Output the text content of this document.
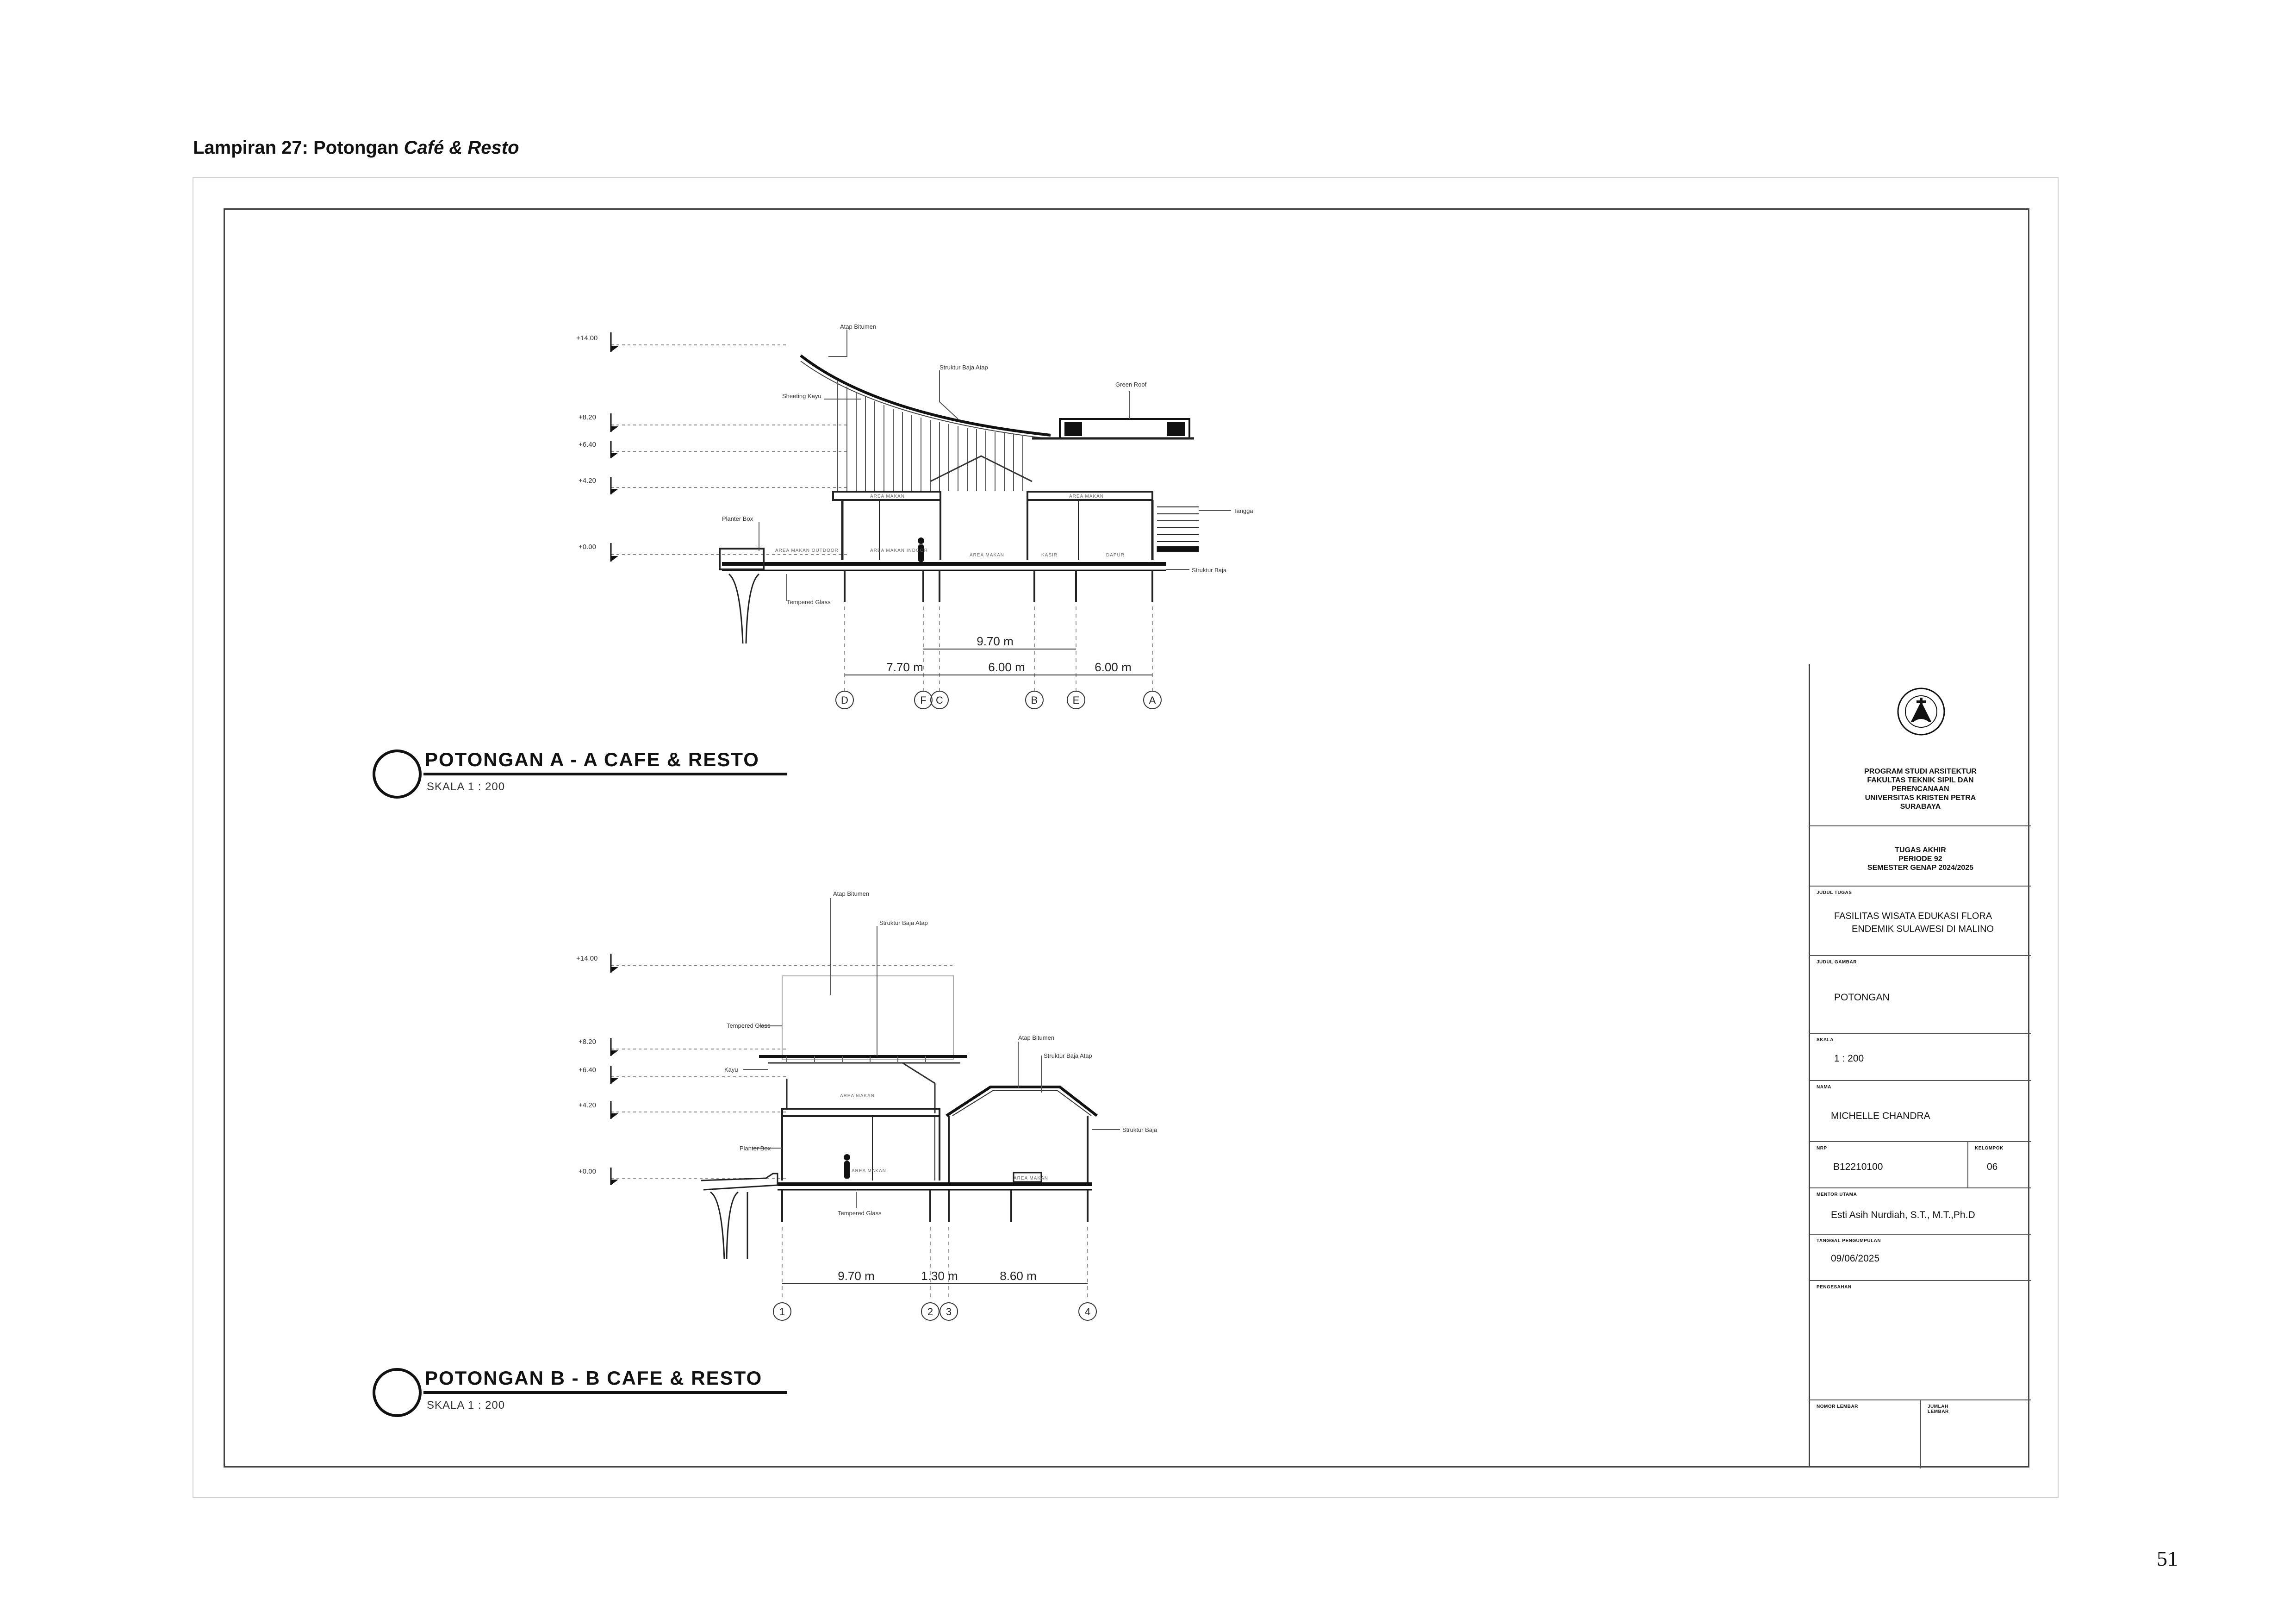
Lampiran 27: Potongan Café & Resto
+14.00
+8.20
+6.40
+4.20
+0.00
+14.00
+8.20
+6.40
+4.20
+0.00
Atap Bitumen
Struktur Baja Atap
Sheeting Kayu
Green Roof
Planter Box
Tangga
Struktur Baja
Tempered Glass
AREA MAKAN	AREA MAKAN
AREA MAKAN OUTDOOR	AREA MAKAN INDOOR
AREA MAKAN	KASIR	DAPUR
9.70 m
7.70 m	6.00 m	6.00 m
D	F C	B	E	A
Atap Bitumen
Struktur Baja Atap
Tempered Glass
Kayu
Atap Bitumen
Struktur Baja Atap
Struktur Baja
Planter Box
Tempered Glass
AREA MAKAN
AREA MAKAN
AREA MAKAN
9.70 m	1.30 m	8.60 m
1	2 3	4
POTONGAN A - A CAFE & RESTO
SKALA 1 : 200
POTONGAN B - B CAFE & RESTO
SKALA 1 : 200
PROGRAM STUDI ARSITEKTUR
FAKULTAS TEKNIK SIPIL DAN
PERENCANAAN
UNIVERSITAS KRISTEN PETRA
SURABAYA
TUGAS AKHIR
PERIODE 92
SEMESTER GENAP 2024/2025
JUDUL TUGAS
FASILITAS WISATA EDUKASI FLORA
ENDEMIK SULAWESI DI MALINO
JUDUL GAMBAR
POTONGAN
SKALA
1 : 200
NAMA
MICHELLE CHANDRA
NRP
B12210100
KELOMPOK
06
MENTOR UTAMA
Esti Asih Nurdiah, S.T., M.T.,Ph.D
TANGGAL PENGUMPULAN
09/06/2025
PENGESAHAN
NOMOR LEMBAR	JUMLAH LEMBAR
51
